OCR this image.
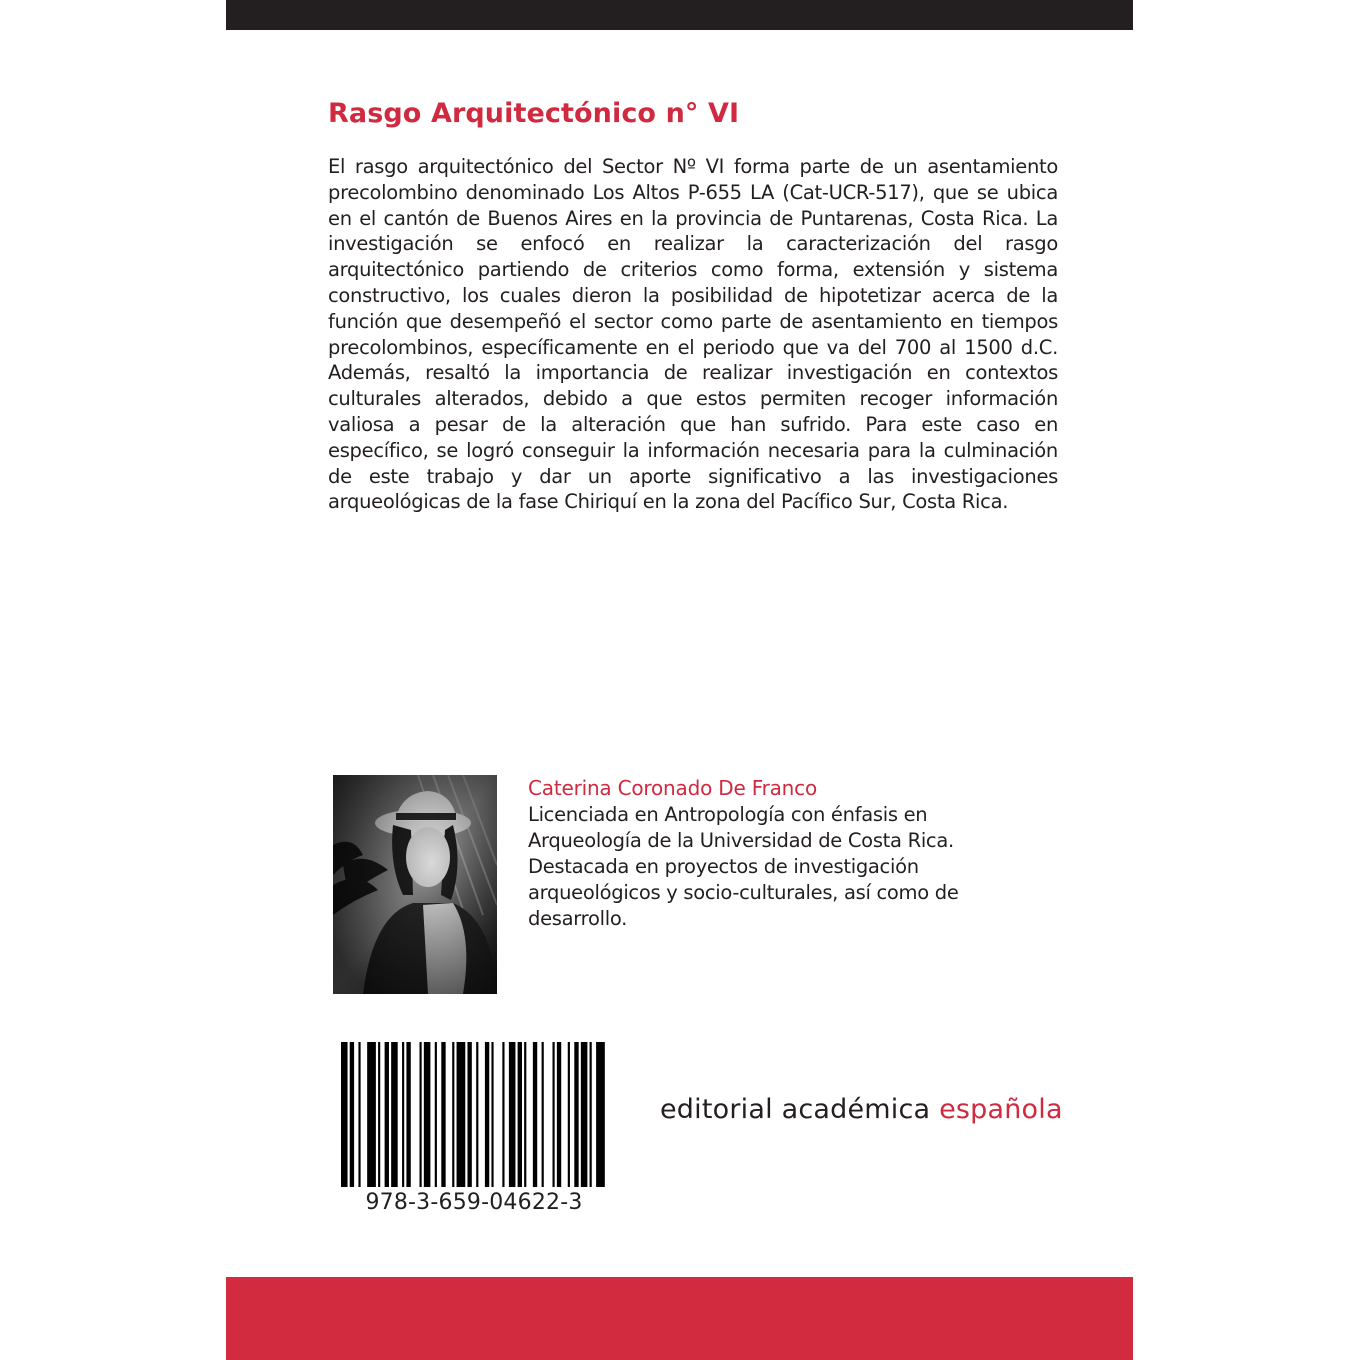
Rasgo Arquitectónico n° VI

El rasgo arquitectónico del Sector Nº VI forma parte de un asentamiento precolombino denominado Los Altos P-655 LA (Cat-UCR-517), que se ubica en el cantón de Buenos Aires en la provincia de Puntarenas, Costa Rica. La investigación se enfocó en realizar la caracterización del rasgo arquitectónico partiendo de criterios como forma, extensión y sistema constructivo, los cuales dieron la posibilidad de hipotetizar acerca de la función que desempeñó el sector como parte de asentamiento en tiempos precolombinos, específicamente en el periodo que va del 700 al 1500 d.C. Además, resaltó la importancia de realizar investigación en contextos culturales alterados, debido a que estos permiten recoger información valiosa a pesar de la alteración que han sufrido. Para este caso en específico, se logró conseguir la información necesaria para la culminación de este trabajo y dar un aporte significativo a las investigaciones arqueológicas de la fase Chiriquí en la zona del Pacífico Sur, Costa Rica.

Caterina Coronado De Franco

Licenciada en Antropología con énfasis en Arqueología de la Universidad de Costa Rica. Destacada en proyectos de investigación arqueológicos y socio-culturales, así como de desarrollo.

978-3-659-04622-3
editorial académica española
